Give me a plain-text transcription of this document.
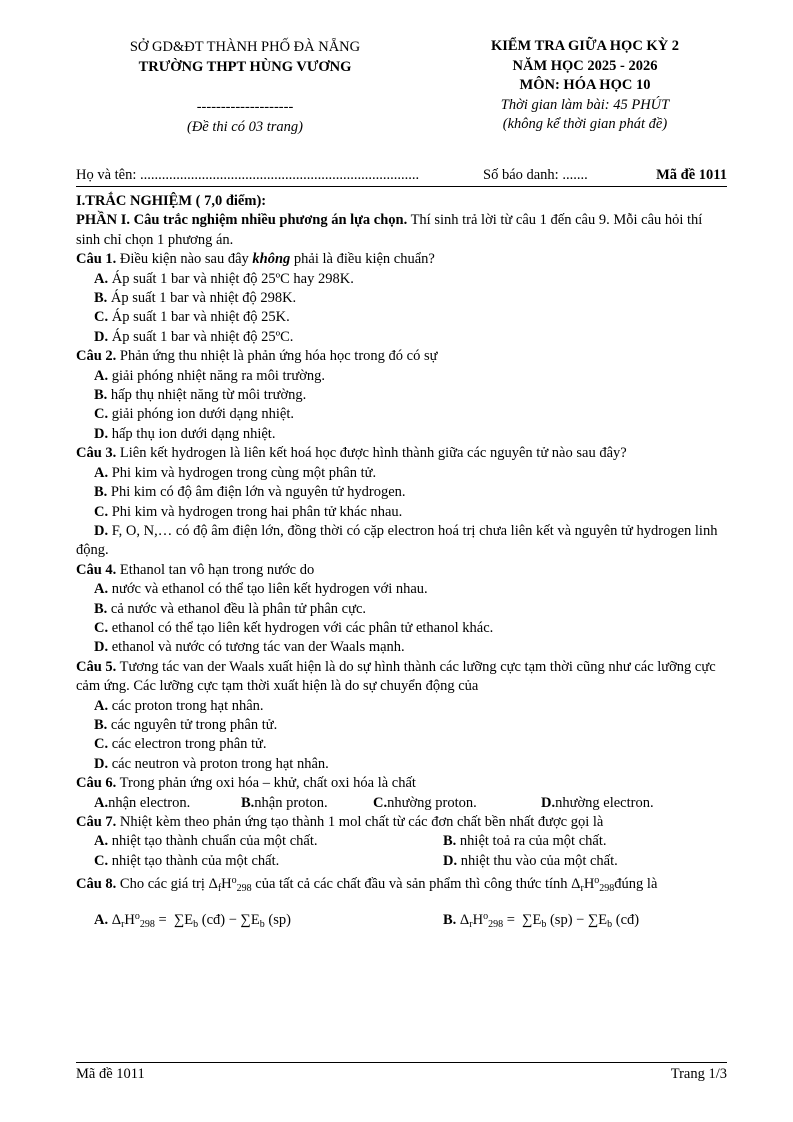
SỞ GD&ĐT THÀNH PHỐ ĐÀ NẴNG
TRƯỜNG THPT HÙNG VƯƠNG
--------------------
(Đề thi có 03 trang)
KIỂM TRA GIỮA HỌC KỲ 2
NĂM HỌC 2025 - 2026
MÔN: HÓA HỌC 10
Thời gian làm bài: 45 PHÚT
(không kể thời gian phát đề)
Họ và tên: .............................................................................	Số báo danh: .......	Mã đề 1011

I.TRẮC NGHIỆM ( 7,0 điểm):

PHẦN I. Câu trắc nghiệm nhiều phương án lựa chọn. Thí sinh trả lời từ câu 1 đến câu 9. Mỗi câu hỏi thí sinh chỉ chọn 1 phương án.

Câu 1. Điều kiện nào sau đây không phải là điều kiện chuẩn?

A. Áp suất 1 bar và nhiệt độ 25ºC hay 298K.

B. Áp suất 1 bar và nhiệt độ 298K.

C. Áp suất 1 bar và nhiệt độ 25K.

D. Áp suất 1 bar và nhiệt độ 25ºC.

Câu 2. Phản ứng thu nhiệt là phản ứng hóa học trong đó có sự

A. giải phóng nhiệt năng ra môi trường.

B. hấp thụ nhiệt năng từ môi trường.

C. giải phóng ion dưới dạng nhiệt.

D. hấp thụ ion dưới dạng nhiệt.

Câu 3. Liên kết hydrogen là liên kết hoá học được hình thành giữa các nguyên tử nào sau đây?

A. Phi kim và hydrogen trong cùng một phân tử.

B. Phi kim có độ âm điện lớn và nguyên tử hydrogen.

C. Phi kim và hydrogen trong hai phân tử khác nhau.

D. F, O, N,… có độ âm điện lớn, đồng thời có cặp electron hoá trị chưa liên kết và nguyên tử hydrogen linh động.

Câu 4. Ethanol tan vô hạn trong nước do

A. nước và ethanol có thể tạo liên kết hydrogen với nhau.

B. cả nước và ethanol đều là phân tử phân cực.

C. ethanol có thể tạo liên kết hydrogen với các phân tử ethanol khác.

D. ethanol và nước có tương tác van der Waals mạnh.

Câu 5. Tương tác van der Waals xuất hiện là do sự hình thành các lưỡng cực tạm thời cũng như các lưỡng cực cảm ứng. Các lưỡng cực tạm thời xuất hiện là do sự chuyển động của

A. các proton trong hạt nhân.

B. các nguyên tử trong phân tử.

C. các electron trong phân tử.

D. các neutron và proton trong hạt nhân.

Câu 6. Trong phản ứng oxi hóa – khử, chất oxi hóa là chất

A.nhận electron.	B.nhận proton.	C.nhường proton.	D.nhường electron.

Câu 7. Nhiệt kèm theo phản ứng tạo thành 1 mol chất từ các đơn chất bền nhất được gọi là

A. nhiệt tạo thành chuẩn của một chất.	B. nhiệt toả ra của một chất.
C. nhiệt tạo thành của một chất.	D. nhiệt thu vào của một chất.

Câu 8. Cho các giá trị $\Delta_fH^o_{298}$ của tất cả các chất đầu và sản phẩm thì công thức tính $\Delta_rH^o_{298}đúng$ là

A. $\Delta_rH^o_{298} = \sum E_b$ (cđ) − $\sum E_b$ (sp)	B. $\Delta_rH^o_{298} = \sum E_b$ $(sp) - \sum E_b$ (cđ)
Mã đề 1011	Trang 1/3
